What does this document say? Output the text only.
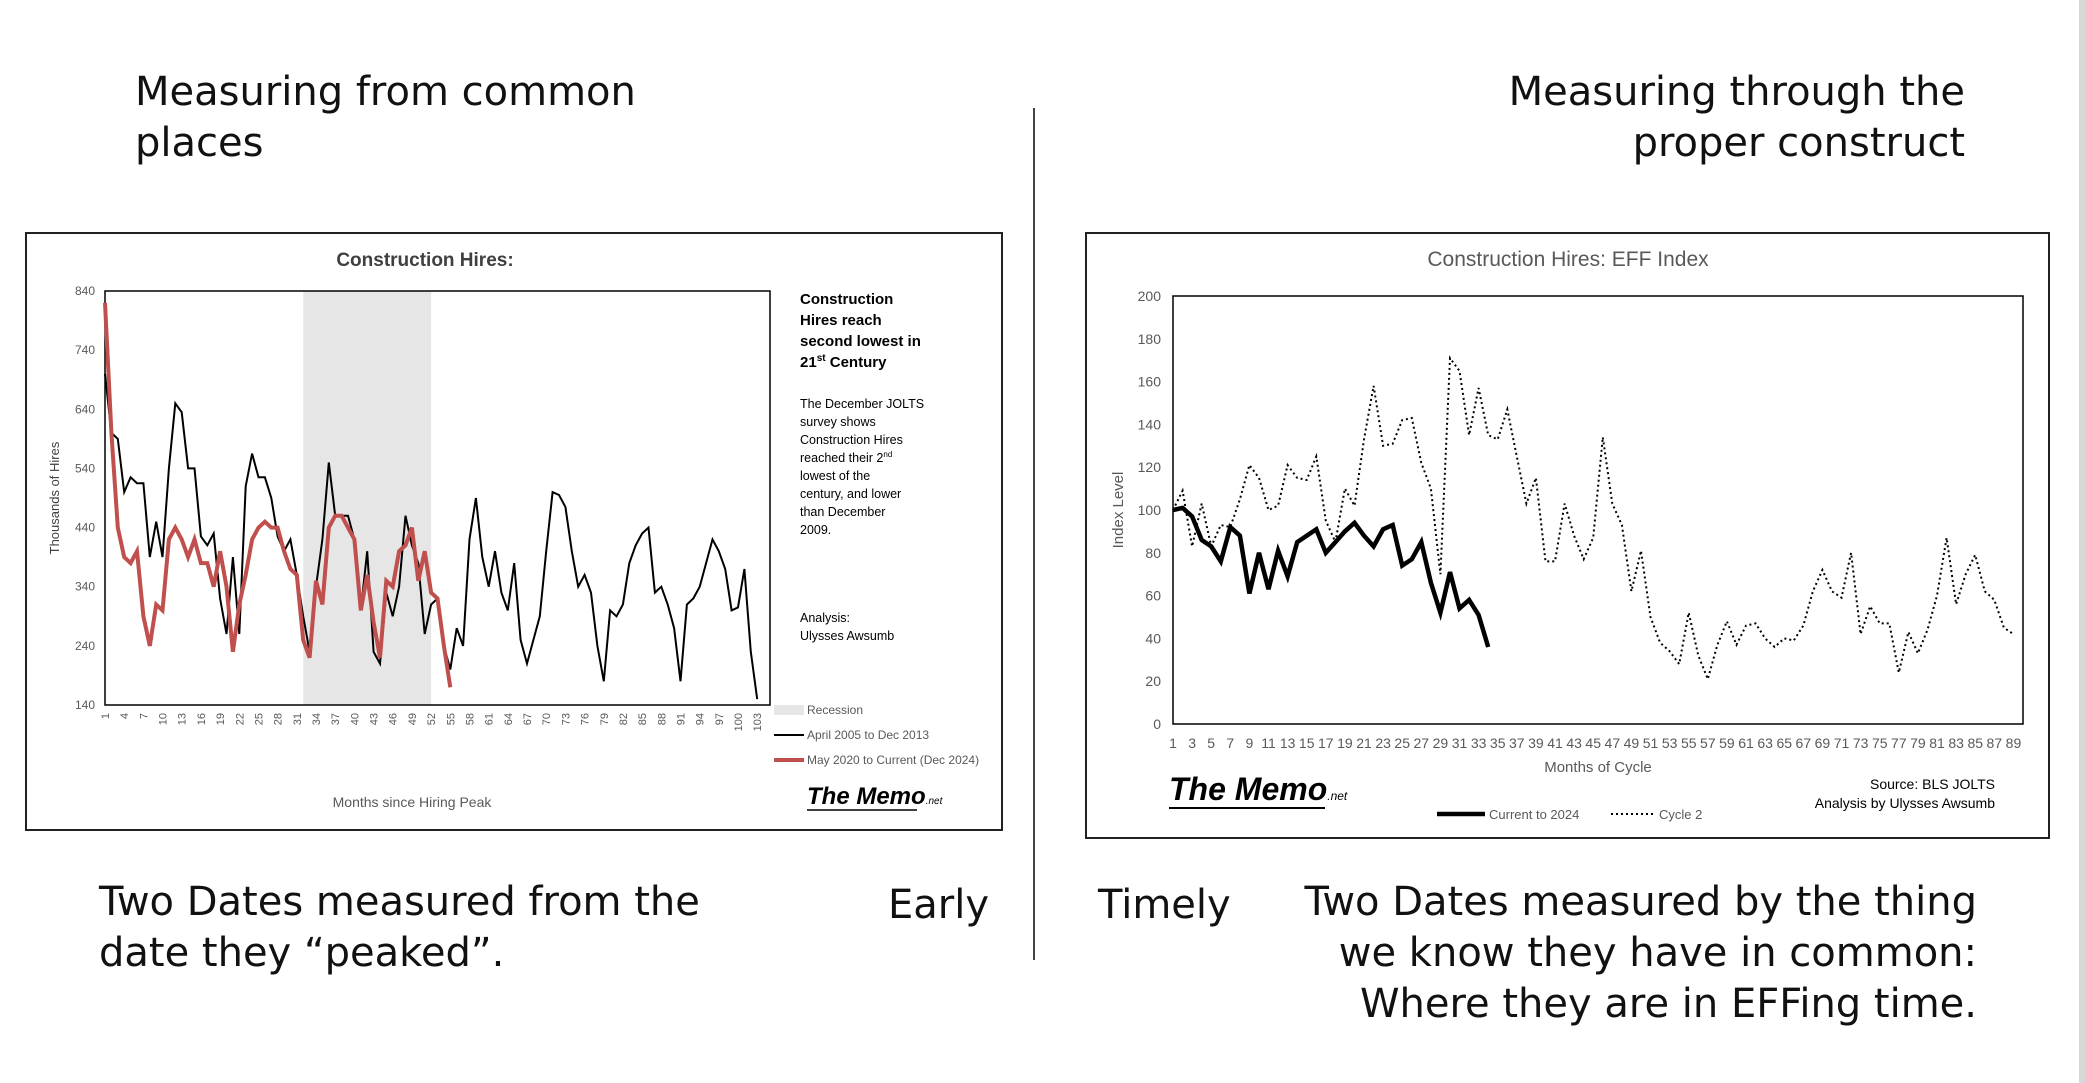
Measuring from common
places
Measuring through the
proper construct
Construction Hires:
140
240
340
440
540
640
740
840
1 4 7 10 13 16 19 22 25 28 31 34 37 40 43 46 49 52 55 58 61 64 67 70 73 76 79 82 85 88 91 94 97 100 103
Thousands of Hires
Months since Hiring Peak
Construction
Hires reach
second lowest in
21st Century
The December JOLTS
survey shows
Construction Hires
reached their 2nd
lowest of the
century, and lower
than December
2009.
Analysis:
Ulysses Awsumb
Recession
April 2005 to Dec 2013
May 2020 to Current (Dec 2024)
The Memo.net
Construction Hires: EFF Index
0
20
40
60
80
100
120
140
160
180
200
1 3 5 7 9 11 13 15 17 19 21 23 25 27 29 31 33 35 37 39 41 43 45 47 49 51 53 55 57 59 61 63 65 67 69 71 73 75 77 79 81 83 85 87 89
Index Level
Months of Cycle
The Memo.net
Current to 2024	Cycle 2
Source: BLS JOLTS
Analysis by Ulysses Awsumb
Two Dates measured from the
date they “peaked”.
Early	Timely Two Dates measured by the thing
we know they have in common:
Where they are in EFFing time.
